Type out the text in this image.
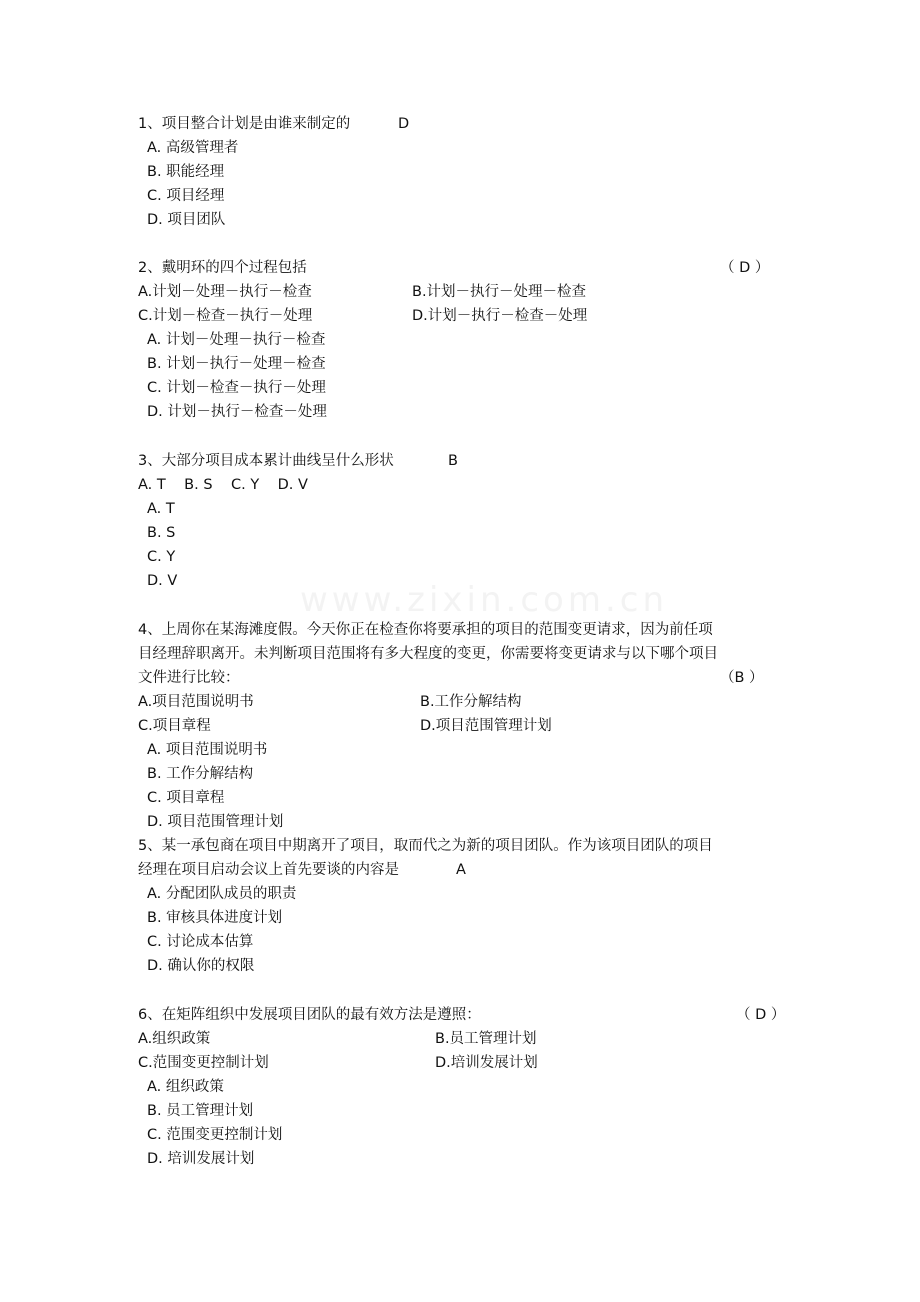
www.zixin.com.cn
1、项目整合计划是由谁来制定的	D
A. 高级管理者
B. 职能经理
C. 项目经理
D. 项目团队
2、戴明环的四个过程包括	（ D ）
A.计划－处理－执行－检查	B.计划－执行－处理－检查
C.计划－检查－执行－处理	D.计划－执行－检查－处理
A. 计划－处理－执行－检查
B. 计划－执行－处理－检查
C. 计划－检查－执行－处理
D. 计划－执行－检查－处理
3、大部分项目成本累计曲线呈什么形状	B
A. T    B. S    C. Y    D. V
A. T
B. S
C. Y
D. V
4、上周你在某海滩度假。今天你正在检查你将要承担的项目的范围变更请求，因为前任项
目经理辞职离开。未判断项目范围将有多大程度的变更，你需要将变更请求与以下哪个项目
文件进行比较：	（B ）
A.项目范围说明书	B.工作分解结构
C.项目章程	D.项目范围管理计划
A. 项目范围说明书
B. 工作分解结构
C. 项目章程
D. 项目范围管理计划
5、某一承包商在项目中期离开了项目，取而代之为新的项目团队。作为该项目团队的项目
经理在项目启动会议上首先要谈的内容是	A
A. 分配团队成员的职责
B. 审核具体进度计划
C. 讨论成本估算
D. 确认你的权限
6、在矩阵组织中发展项目团队的最有效方法是遵照：	（ D ）
A.组织政策	B.员工管理计划
C.范围变更控制计划	D.培训发展计划
A. 组织政策
B. 员工管理计划
C. 范围变更控制计划
D. 培训发展计划
